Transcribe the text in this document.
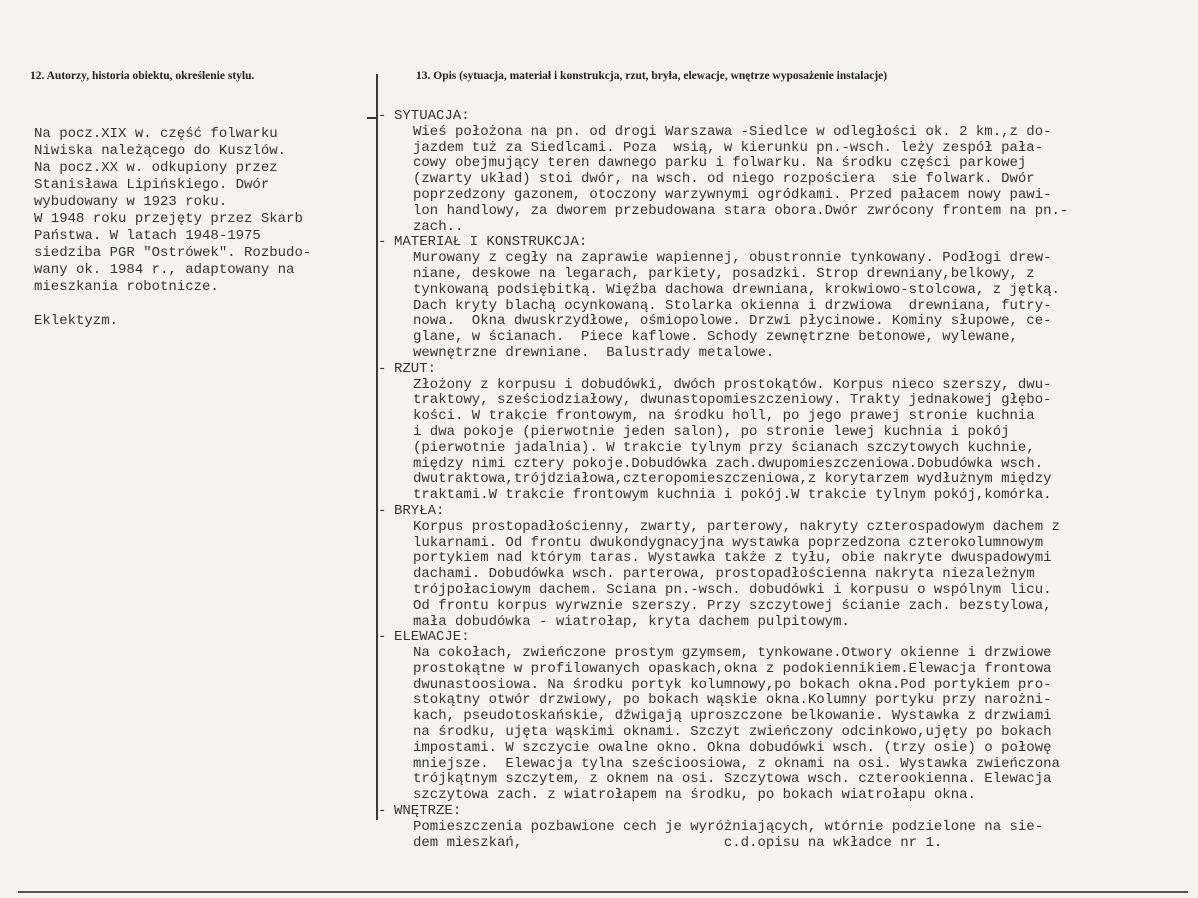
12. Autorzy, historia obiektu, określenie stylu.	13. Opis (sytuacja, materiał i konstrukcja, rzut, bryła, elewacje, wnętrze wyposażenie instalacje)
Na pocz.XIX w. część folwarku
Niwiska należącego do Kuszlów.
Na pocz.XX w. odkupiony przez
Stanisława Lipińskiego. Dwór
wybudowany w 1923 roku.
W 1948 roku przejęty przez Skarb
Państwa. W latach 1948-1975
siedziba PGR "Ostrówek". Rozbudo-
wany ok. 1984 r., adaptowany na
mieszkania robotnicze.
Eklektyzm.
- SYTUACJA:
Wieś położona na pn. od drogi Warszawa -Siedlce w odległości ok. 2 km.,z do-
jazdem tuż za Siedlcami. Poza  wsią, w kierunku pn.-wsch. leży zespół pała-
cowy obejmujący teren dawnego parku i folwarku. Na środku części parkowej
(zwarty układ) stoi dwór, na wsch. od niego rozpościera  sie folwark. Dwór
poprzedzony gazonem, otoczony warzywnymi ogródkami. Przed pałacem nowy pawi-
lon handlowy, za dworem przebudowana stara obora.Dwór zwrócony frontem na pn.-
zach..
- MATERIAŁ I KONSTRUKCJA:
Murowany z cegły na zaprawie wapiennej, obustronnie tynkowany. Podłogi drew-
niane, deskowe na legarach, parkiety, posadzki. Strop drewniany,belkowy, z
tynkowaną podsiębitką. Więźba dachowa drewniana, krokwiowo-stolcowa, z jętką.
Dach kryty blachą ocynkowaną. Stolarka okienna i drzwiowa  drewniana, futry-
nowa.  Okna dwuskrzydłowe, ośmiopolowe. Drzwi płycinowe. Kominy słupowe, ce-
glane, w ścianach.  Piece kaflowe. Schody zewnętrzne betonowe, wylewane,
wewnętrzne drewniane.  Balustrady metalowe.
- RZUT:
Złożony z korpusu i dobudówki, dwóch prostokątów. Korpus nieco szerszy, dwu-
traktowy, sześciodziałowy, dwunastopomieszczeniowy. Trakty jednakowej głębo-
kości. W trakcie frontowym, na środku holl, po jego prawej stronie kuchnia
i dwa pokoje (pierwotnie jeden salon), po stronie lewej kuchnia i pokój
(pierwotnie jadalnia). W trakcie tylnym przy ścianach szczytowych kuchnie,
między nimi cztery pokoje.Dobudówka zach.dwupomieszczeniowa.Dobudówka wsch.
dwutraktowa,trójdziałowa,czteropomieszczeniowa,z korytarzem wydłużnym między
traktami.W trakcie frontowym kuchnia i pokój.W trakcie tylnym pokój,komórka.
- BRYŁA:
Korpus prostopadłościenny, zwarty, parterowy, nakryty czterospadowym dachem z
lukarnami. Od frontu dwukondygnacyjna wystawka poprzedzona czterokolumnowym
portykiem nad którym taras. Wystawka także z tyłu, obie nakryte dwuspadowymi
dachami. Dobudówka wsch. parterowa, prostopadłościenna nakryta niezależnym
trójpołaciowym dachem. Sciana pn.-wsch. dobudówki i korpusu o wspólnym licu.
Od frontu korpus wyrwznie szerszy. Przy szczytowej ścianie zach. bezstylowa,
mała dobudówka - wiatrołap, kryta dachem pulpitowym.
- ELEWACJE:
Na cokołach, zwieńczone prostym gzymsem, tynkowane.Otwory okienne i drzwiowe
prostokątne w profilowanych opaskach,okna z podokiennikiem.Elewacja frontowa
dwunastoosiowa. Na środku portyk kolumnowy,po bokach okna.Pod portykiem pro-
stokątny otwór drzwiowy, po bokach wąskie okna.Kolumny portyku przy narożni-
kach, pseudotoskańskie, dźwigają uproszczone belkowanie. Wystawka z drzwiami
na środku, ujęta wąskimi oknami. Szczyt zwieńczony odcinkowo,ujęty po bokach
impostami. W szczycie owalne okno. Okna dobudówki wsch. (trzy osie) o połowę
mniejsze.  Elewacja tylna sześcioosiowa, z oknami na osi. Wystawka zwieńczona
trójkątnym szczytem, z oknem na osi. Szczytowa wsch. czterookienna. Elewacja
szczytowa zach. z wiatrołapem na środku, po bokach wiatrołapu okna.
- WNĘTRZE:
Pomieszczenia pozbawione cech je wyróżniających, wtórnie podzielone na sie-
dem mieszkań,                        c.d.opisu na wkładce nr 1.
